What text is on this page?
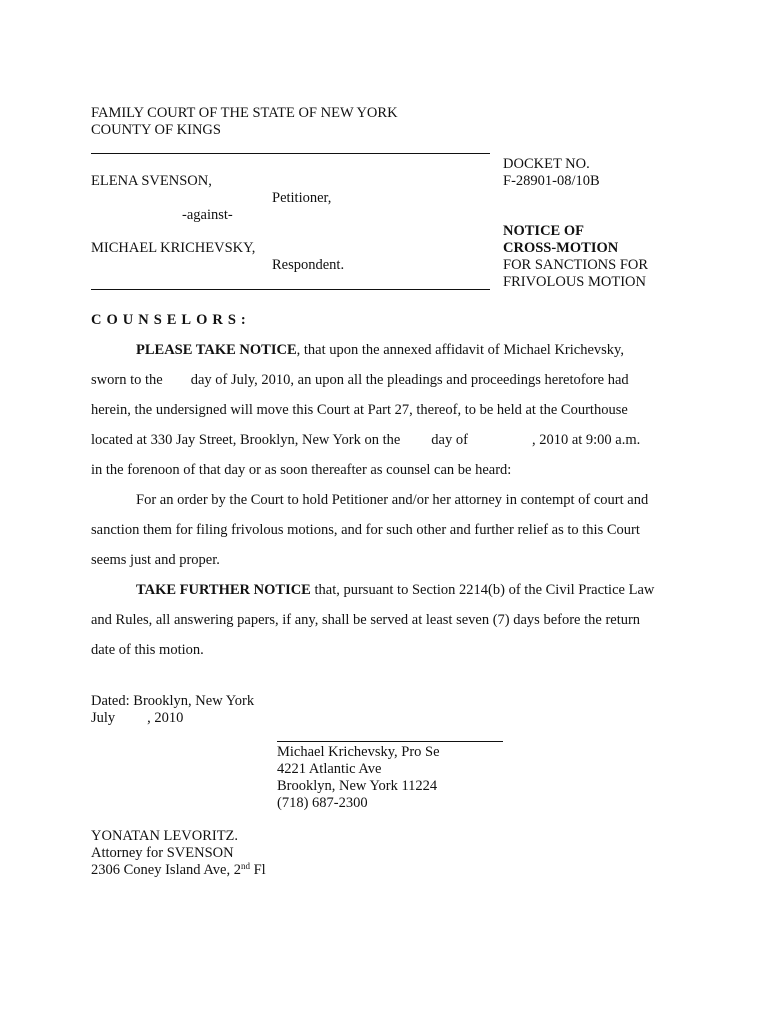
FAMILY COURT OF THE STATE OF NEW YORK
COUNTY OF KINGS
ELENA SVENSON,
Petitioner,
-against-
MICHAEL KRICHEVSKY,
Respondent.
DOCKET NO.
F-28901-08/10B
NOTICE OF
CROSS-MOTION
FOR SANCTIONS FOR
FRIVOLOUS MOTION
COUNSELORS:
PLEASE TAKE NOTICE, that upon the annexed affidavit of Michael Krichevsky,
sworn to the day of July, 2010, an upon all the pleadings and proceedings heretofore had
herein, the undersigned will move this Court at Part 27, thereof, to be held at the Courthouse
located at 330 Jay Street, Brooklyn, New York on the day of	, 2010 at 9:00 a.m.
in the forenoon of that day or as soon thereafter as counsel can be heard:
For an order by the Court to hold Petitioner and/or her attorney in contempt of court and
sanction them for filing frivolous motions, and for such other and further relief as to this Court
seems just and proper.
TAKE FURTHER NOTICE that, pursuant to Section 2214(b) of the Civil Practice Law
and Rules, all answering papers, if any, shall be served at least seven (7) days before the return
date of this motion.
Dated: Brooklyn, New York
July , 2010
Michael Krichevsky, Pro Se
4221 Atlantic Ave
Brooklyn, New York 11224
(718) 687-2300
YONATAN LEVORITZ.
Attorney for SVENSON
2306 Coney Island Ave, 2nd Fl
